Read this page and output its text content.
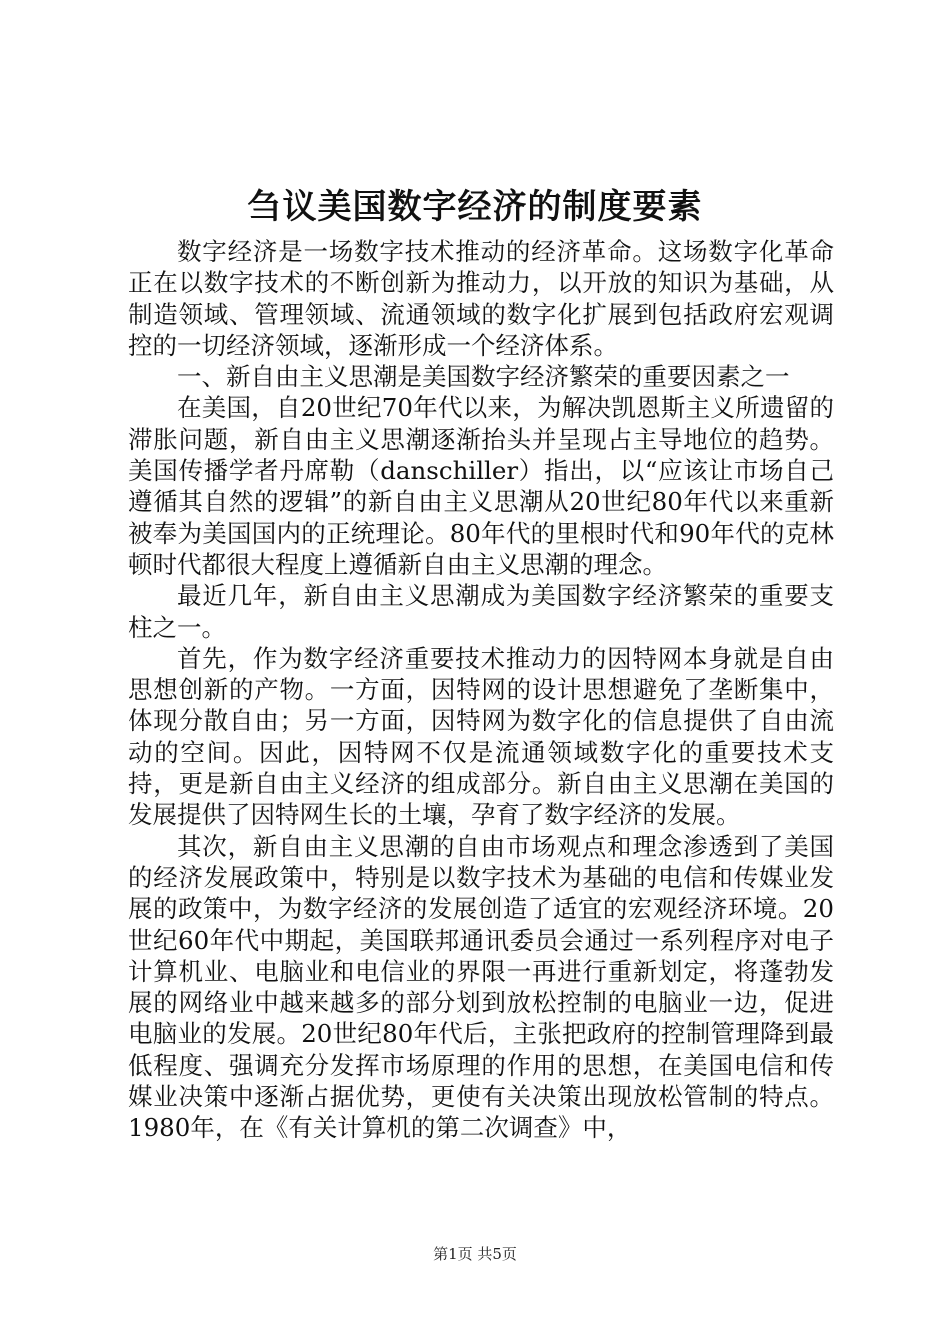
刍议美国数字经济的制度要素

数字经济是一场数字技术推动的经济革命。这场数字化革命正在以数字技术的不断创新为推动力，以开放的知识为基础，从制造领域、管理领域、流通领域的数字化扩展到包括政府宏观调控的一切经济领域，逐渐形成一个经济体系。

一、新自由主义思潮是美国数字经济繁荣的重要因素之一

在美国，自20世纪70年代以来，为解决凯恩斯主义所遗留的滞胀问题，新自由主义思潮逐渐抬头并呈现占主导地位的趋势。美国传播学者丹席勒（danschiller）指出，以“应该让市场自己遵循其自然的逻辑”的新自由主义思潮从20世纪80年代以来重新被奉为美国国内的正统理论。80年代的里根时代和90年代的克林顿时代都很大程度上遵循新自由主义思潮的理念。

最近几年，新自由主义思潮成为美国数字经济繁荣的重要支柱之一。

首先，作为数字经济重要技术推动力的因特网本身就是自由思想创新的产物。一方面，因特网的设计思想避免了垄断集中，体现分散自由；另一方面，因特网为数字化的信息提供了自由流动的空间。因此，因特网不仅是流通领域数字化的重要技术支持，更是新自由主义经济的组成部分。新自由主义思潮在美国的发展提供了因特网生长的土壤，孕育了数字经济的发展。

其次，新自由主义思潮的自由市场观点和理念渗透到了美国的经济发展政策中，特别是以数字技术为基础的电信和传媒业发展的政策中，为数字经济的发展创造了适宜的宏观经济环境。20世纪60年代中期起，美国联邦通讯委员会通过一系列程序对电子计算机业、电脑业和电信业的界限一再进行重新划定，将蓬勃发展的网络业中越来越多的部分划到放松控制的电脑业一边，促进电脑业的发展。20世纪80年代后，主张把政府的控制管理降到最低程度、强调充分发挥市场原理的作用的思想，在美国电信和传媒业决策中逐渐占据优势，更使有关决策出现放松管制的特点。1980年，在《有关计算机的第二次调查》中，

第1页 共5页
